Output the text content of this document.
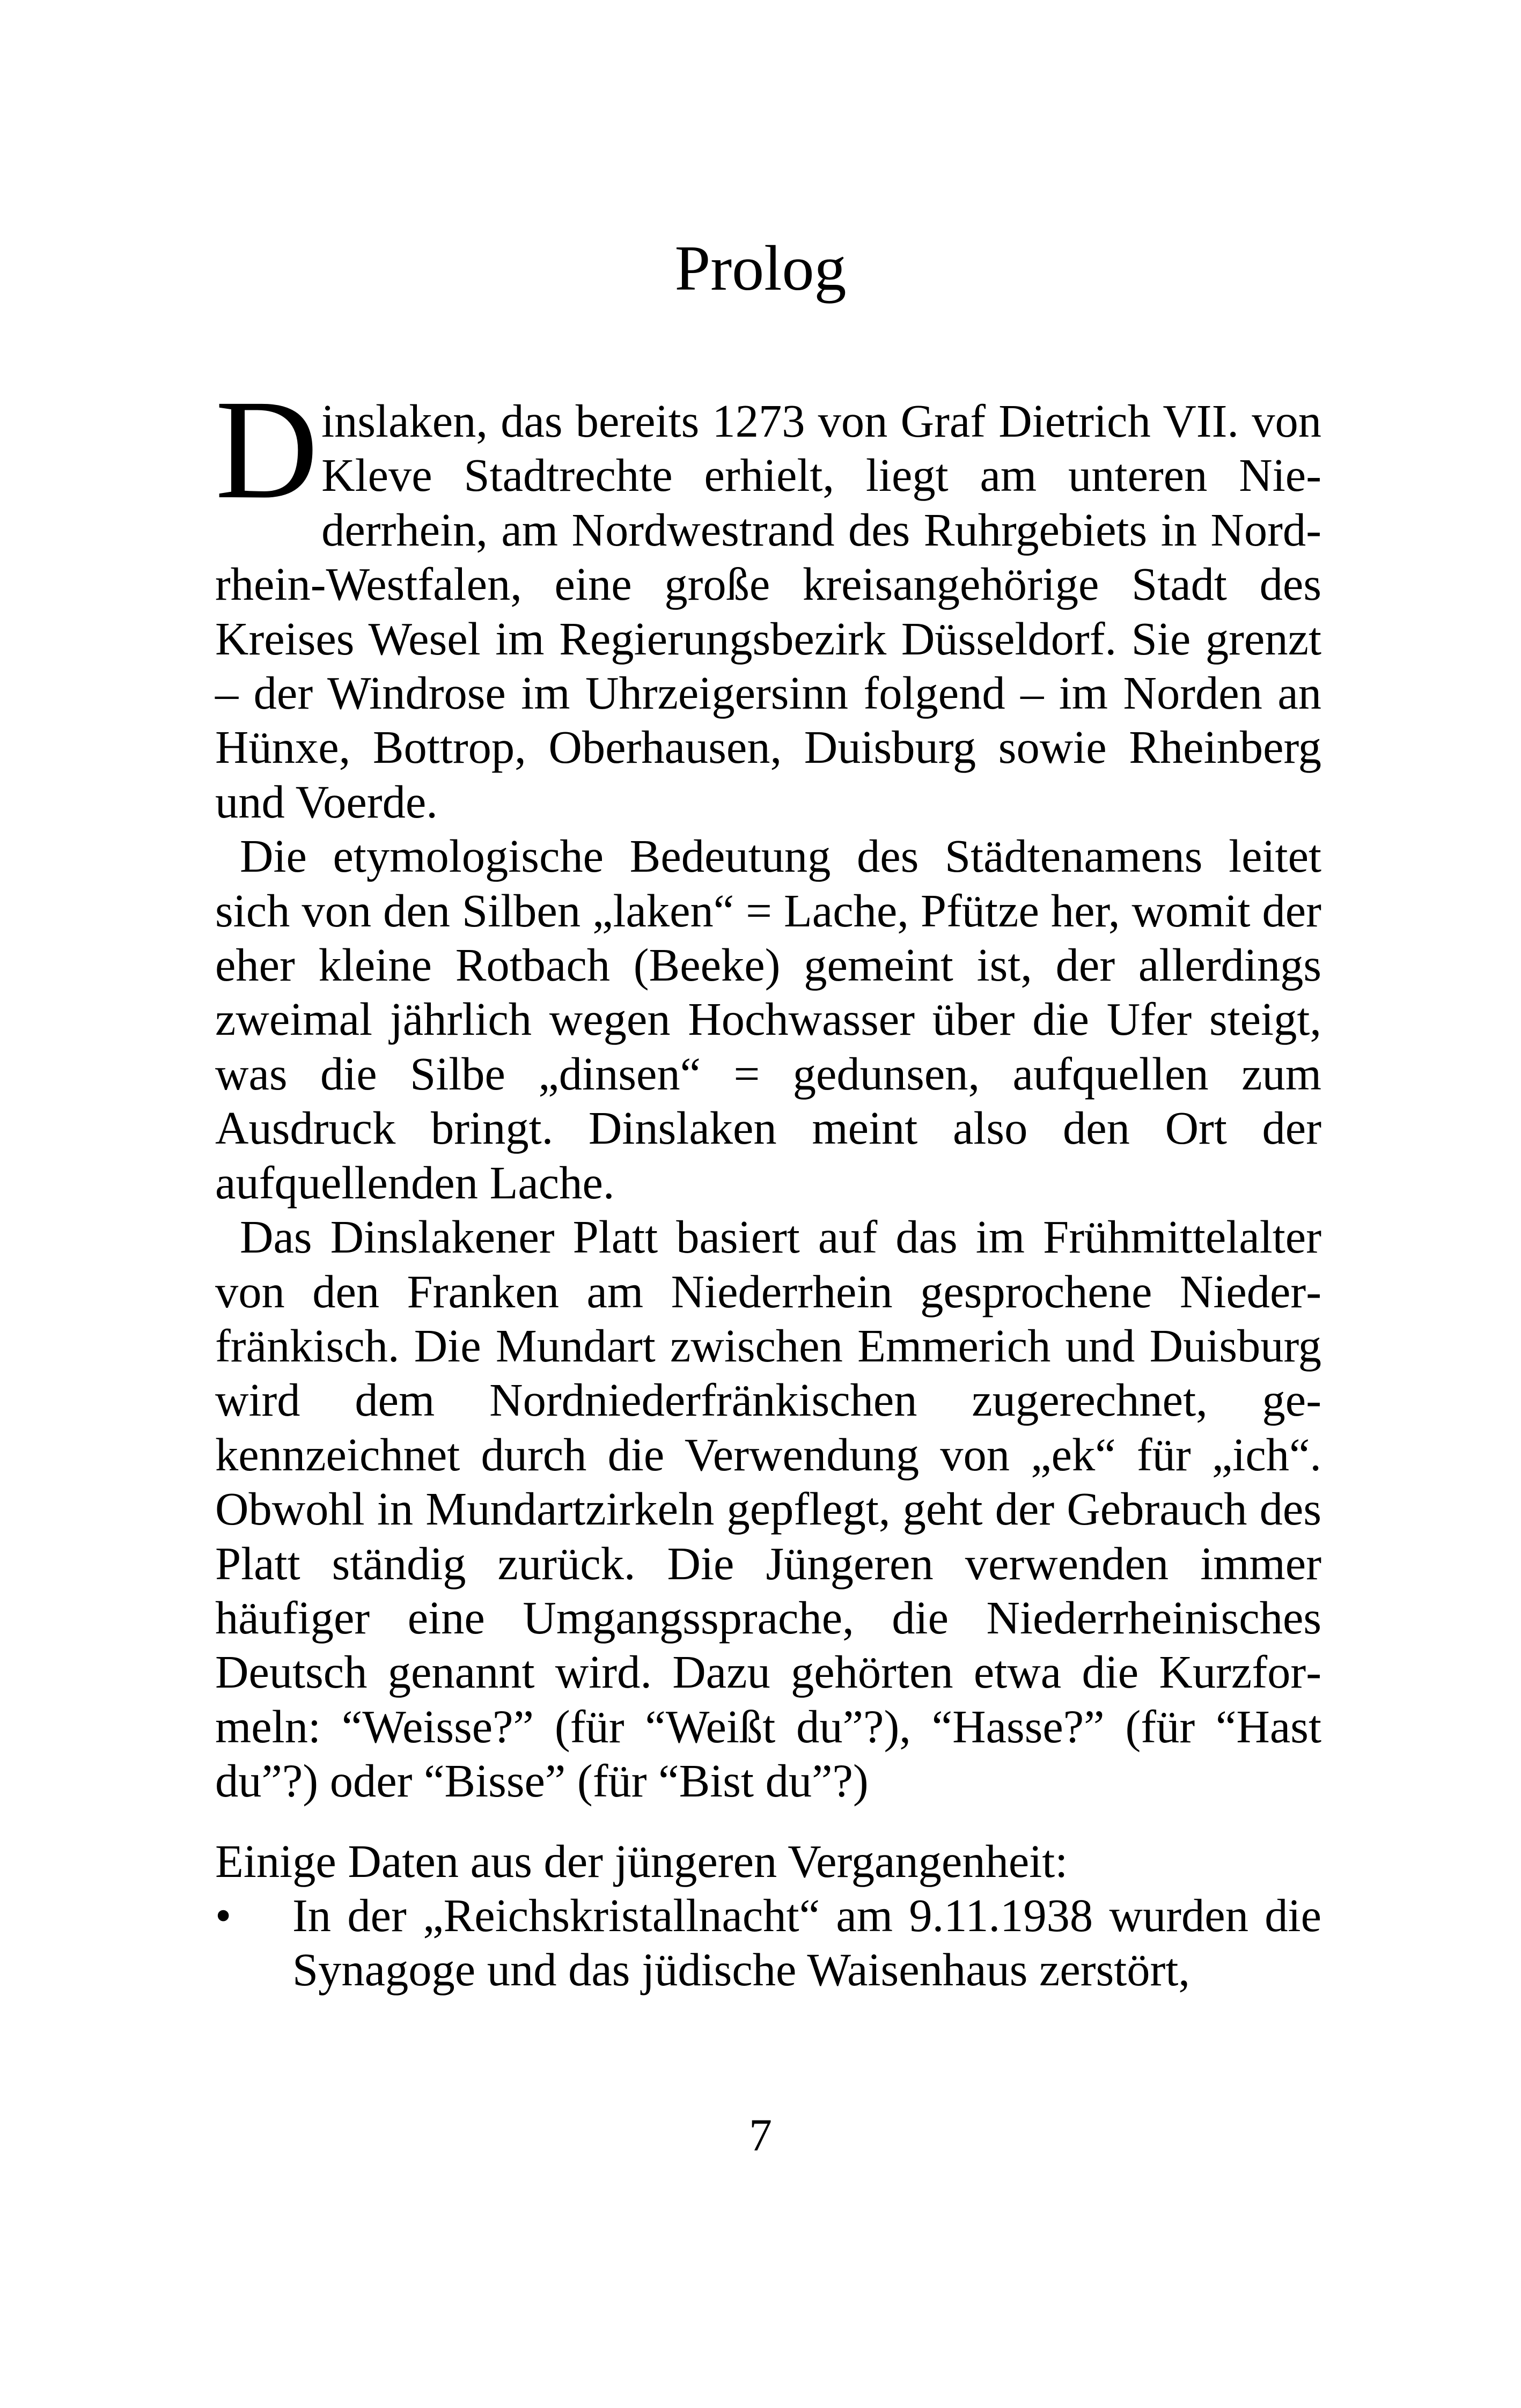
Prolog

Dinslaken, das bereits 1273 von Graf Dietrich VII. von Kleve Stadtrechte erhielt, liegt am unteren Niederrhein, am Nordwestrand des Ruhrgebiets in Nordrhein-Westfalen, eine große kreisangehörige Stadt des Kreises Wesel im Regierungsbezirk Düsseldorf. Sie grenzt – der Windrose im Uhrzeigersinn folgend – im Norden an Hünxe, Bottrop, Oberhausen, Duisburg sowie Rheinberg und Voerde.

Die etymologische Bedeutung des Städtenamens leitet sich von den Silben „laken“ = Lache, Pfütze her, womit der eher kleine Rotbach (Beeke) gemeint ist, der allerdings zweimal jährlich wegen Hochwasser über die Ufer steigt, was die Silbe „dinsen“ = gedunsen, aufquellen zum Ausdruck bringt. Dinslaken meint also den Ort der aufquellenden Lache.

Das Dinslakener Platt basiert auf das im Frühmittelalter von den Franken am Niederrhein gesprochene Niederfränkisch. Die Mundart zwischen Emmerich und Duisburg wird dem Nordniederfränkischen zugerechnet, gekennzeichnet durch die Verwendung von „ek“ für „ich“. Obwohl in Mundartzirkeln gepflegt, geht der Gebrauch des Platt ständig zurück. Die Jüngeren verwenden immer häufiger eine Umgangssprache, die Niederrheinisches Deutsch genannt wird. Dazu gehörten etwa die Kurzformeln: “Weisse?” (für “Weißt du”?), “Hasse?” (für “Hast du”?) oder “Bisse” (für “Bist du”?)

Einige Daten aus der jüngeren Vergangenheit:

• In der „Reichskristallnacht“ am 9.11.1938 wurden die Synagoge und das jüdische Waisenhaus zerstört,
7
